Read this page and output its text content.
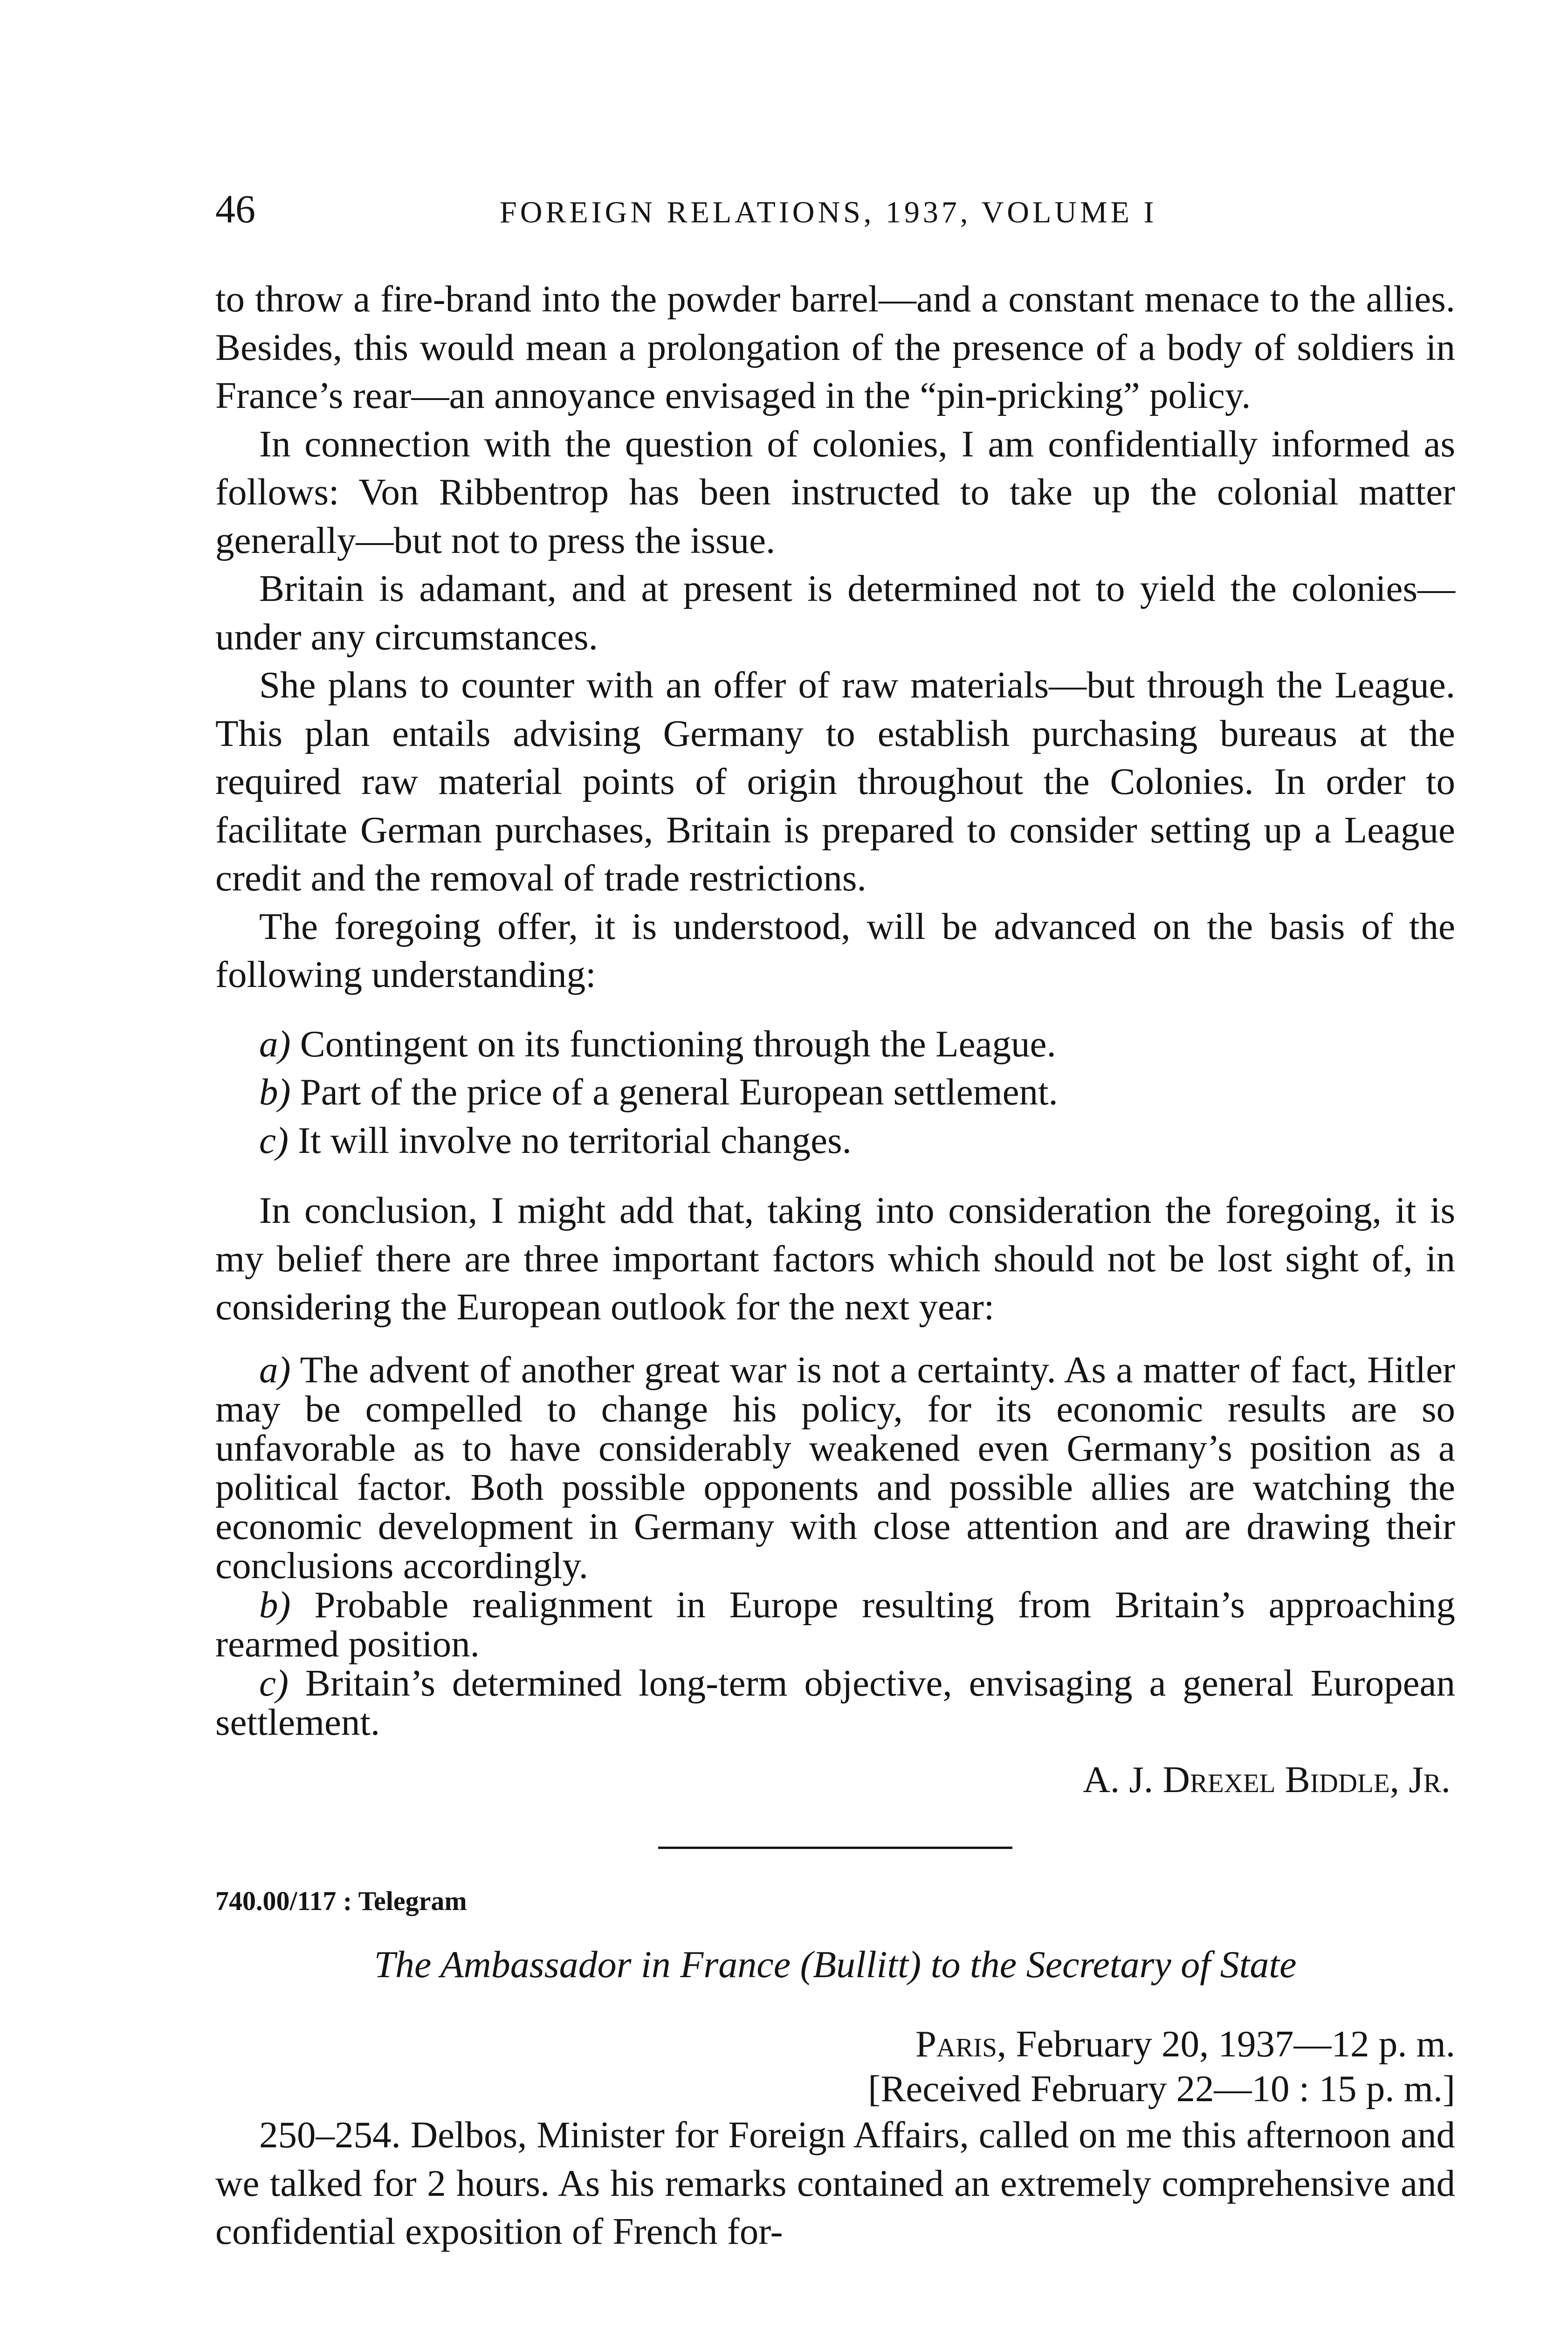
46	FOREIGN RELATIONS, 1937, VOLUME I

to throw a fire-brand into the powder barrel—and a constant menace to the allies. Besides, this would mean a prolongation of the presence of a body of soldiers in France’s rear—an annoyance envisaged in the “pin-pricking” policy.

In connection with the question of colonies, I am confidentially informed as follows: Von Ribbentrop has been instructed to take up the colonial matter generally—but not to press the issue.

Britain is adamant, and at present is determined not to yield the colonies—under any circumstances.

She plans to counter with an offer of raw materials—but through the League. This plan entails advising Germany to establish purchasing bureaus at the required raw material points of origin throughout the Colonies. In order to facilitate German purchases, Britain is prepared to consider setting up a League credit and the removal of trade restrictions.

The foregoing offer, it is understood, will be advanced on the basis of the following understanding:

a) Contingent on its functioning through the League.
b) Part of the price of a general European settlement.
c) It will involve no territorial changes.

In conclusion, I might add that, taking into consideration the foregoing, it is my belief there are three important factors which should not be lost sight of, in considering the European outlook for the next year:

a) The advent of another great war is not a certainty. As a matter of fact, Hitler may be compelled to change his policy, for its economic results are so unfavorable as to have considerably weakened even Germany’s position as a political factor. Both possible opponents and possible allies are watching the economic development in Germany with close attention and are drawing their conclusions accordingly.

b) Probable realignment in Europe resulting from Britain’s approaching rearmed position.

c) Britain’s determined long-term objective, envisaging a general European settlement.

A. J. Drexel Biddle, Jr.
740.00/117 : Telegram
The Ambassador in France (Bullitt) to the Secretary of State
Paris, February 20, 1937—12 p. m.
[Received February 22—10 : 15 p. m.]

250–254. Delbos, Minister for Foreign Affairs, called on me this afternoon and we talked for 2 hours. As his remarks contained an extremely comprehensive and confidential exposition of French for-
